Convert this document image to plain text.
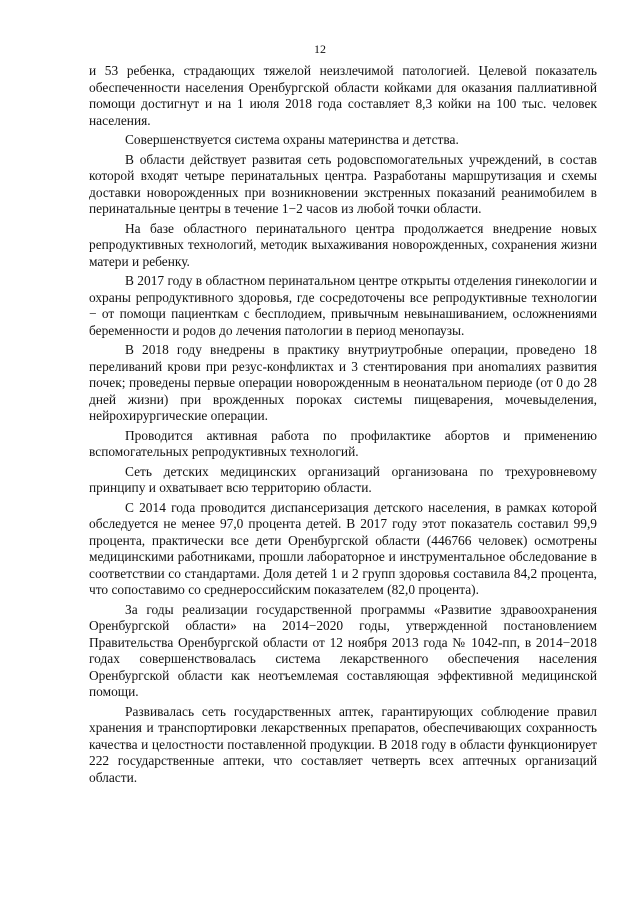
12

и 53 ребенка, страдающих тяжелой неизлечимой патологией. Целевой показатель обеспеченности населения Оренбургской области койками для оказания паллиативной помощи достигнут и на 1 июля 2018 года составляет 8,3 койки на 100 тыс. человек населения.

Совершенствуется система охраны материнства и детства.

В области действует развитая сеть родовспомогательных учреждений, в состав которой входят четыре перинатальных центра. Разработаны маршрутизация и схемы доставки новорожденных при возникновении экстренных показаний реанимобилем в перинатальные центры в течение 1−2 часов из любой точки области.

На базе областного перинатального центра продолжается внедрение новых репродуктивных технологий, методик выхаживания новорожденных, сохранения жизни матери и ребенку.

В 2017 году в областном перинатальном центре открыты отделения гинекологии и охраны репродуктивного здоровья, где сосредоточены все репродуктивные технологии − от помощи пациенткам с бесплодием, привычным невынашиванием, осложнениями беременности и родов до лечения патологии в период менопаузы.

В 2018 году внедрены в практику внутриутробные операции, проведено 18 переливаний крови при резус-конфликтах и 3 стентирования при аноmалиях развития почек; проведены первые операции новорожденным в неонатальном периоде (от 0 до 28 дней жизни) при врожденных пороках системы пищеварения, мочевыделения, нейрохирургические операции.

Проводится активная работа по профилактике абортов и применению вспомогательных репродуктивных технологий.

Сеть детских медицинских организаций организована по трехуровневому принципу и охватывает всю территорию области.

С 2014 года проводится диспансеризация детского населения, в рамках которой обследуется не менее 97,0 процента детей. В 2017 году этот показатель составил 99,9 процента, практически все дети Оренбургской области (446766 человек) осмотрены медицинскими работниками, прошли лабораторное и инструментальное обследование в соответствии со стандартами. Доля детей 1 и 2 групп здоровья составила 84,2 процента, что сопоставимо со среднероссийским показателем (82,0 процента).

За годы реализации государственной программы «Развитие здравоохранения Оренбургской области» на 2014−2020 годы, утвержденной постановлением Правительства Оренбургской области от 12 ноября 2013 года № 1042-пп, в 2014−2018 годах совершенствовалась система лекарственного обеспечения населения Оренбургской области как неотъемлемая составляющая эффективной медицинской помощи.

Развивалась сеть государственных аптек, гарантирующих соблюдение правил хранения и транспортировки лекарственных препаратов, обеспечивающих сохранность качества и целостности поставленной продукции. В 2018 году в области функционирует 222 государственные аптеки, что составляет четверть всех аптечных организаций области.
